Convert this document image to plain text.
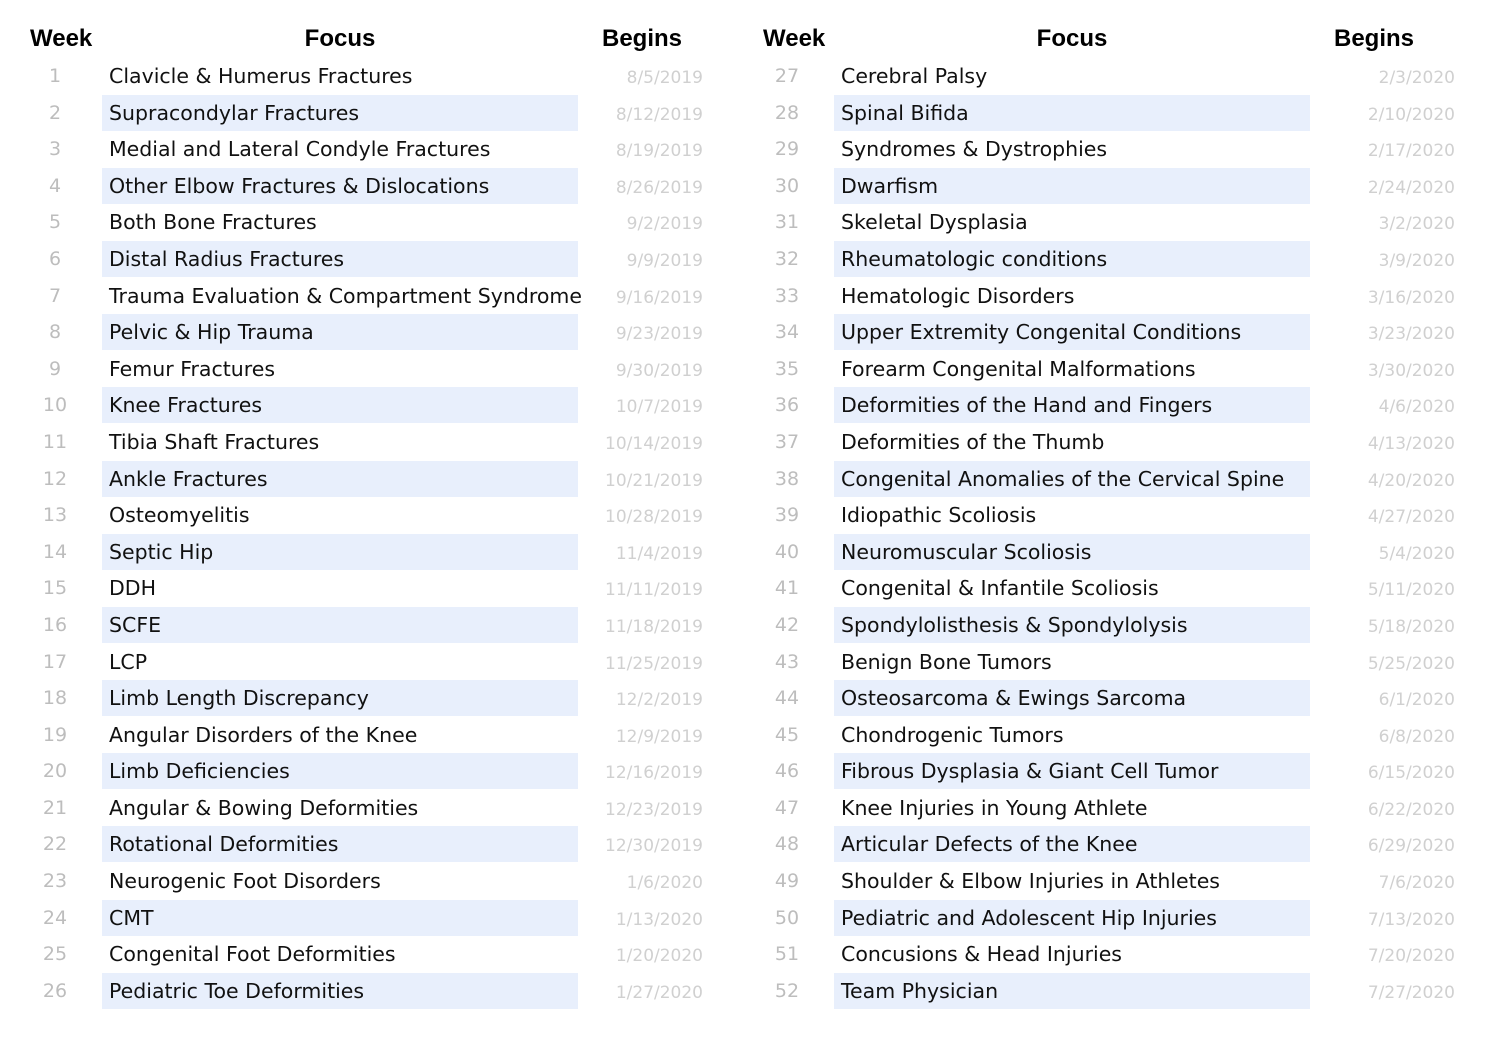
Week	Focus	Begins
1	Clavicle & Humerus Fractures	8/5/2019
2	Supracondylar Fractures	8/12/2019
3	Medial and Lateral Condyle Fractures	8/19/2019
4	Other Elbow Fractures & Dislocations	8/26/2019
5	Both Bone Fractures	9/2/2019
6	Distal Radius Fractures	9/9/2019
7	Trauma Evaluation & Compartment Syndrome	9/16/2019
8	Pelvic & Hip Trauma	9/23/2019
9	Femur Fractures	9/30/2019
10	Knee Fractures	10/7/2019
11	Tibia Shaft Fractures	10/14/2019
12	Ankle Fractures	10/21/2019
13	Osteomyelitis	10/28/2019
14	Septic Hip	11/4/2019
15	DDH	11/11/2019
16	SCFE	11/18/2019
17	LCP	11/25/2019
18	Limb Length Discrepancy	12/2/2019
19	Angular Disorders of the Knee	12/9/2019
20	Limb Deficiencies	12/16/2019
21	Angular & Bowing Deformities	12/23/2019
22	Rotational Deformities	12/30/2019
23	Neurogenic Foot Disorders	1/6/2020
24	CMT	1/13/2020
25	Congenital Foot Deformities	1/20/2020
26	Pediatric Toe Deformities	1/27/2020
Week	Focus	Begins
27	Cerebral Palsy	2/3/2020
28	Spinal Bifida	2/10/2020
29	Syndromes & Dystrophies	2/17/2020
30	Dwarfism	2/24/2020
31	Skeletal Dysplasia	3/2/2020
32	Rheumatologic conditions	3/9/2020
33	Hematologic Disorders	3/16/2020
34	Upper Extremity Congenital Conditions	3/23/2020
35	Forearm Congenital Malformations	3/30/2020
36	Deformities of the Hand and Fingers	4/6/2020
37	Deformities of the Thumb	4/13/2020
38	Congenital Anomalies of the Cervical Spine	4/20/2020
39	Idiopathic Scoliosis	4/27/2020
40	Neuromuscular Scoliosis	5/4/2020
41	Congenital & Infantile Scoliosis	5/11/2020
42	Spondylolisthesis & Spondylolysis	5/18/2020
43	Benign Bone Tumors	5/25/2020
44	Osteosarcoma & Ewings Sarcoma	6/1/2020
45	Chondrogenic Tumors	6/8/2020
46	Fibrous Dysplasia & Giant Cell Tumor	6/15/2020
47	Knee Injuries in Young Athlete	6/22/2020
48	Articular Defects of the Knee	6/29/2020
49	Shoulder & Elbow Injuries in Athletes	7/6/2020
50	Pediatric and Adolescent Hip Injuries	7/13/2020
51	Concusions & Head Injuries	7/20/2020
52	Team Physician	7/27/2020
